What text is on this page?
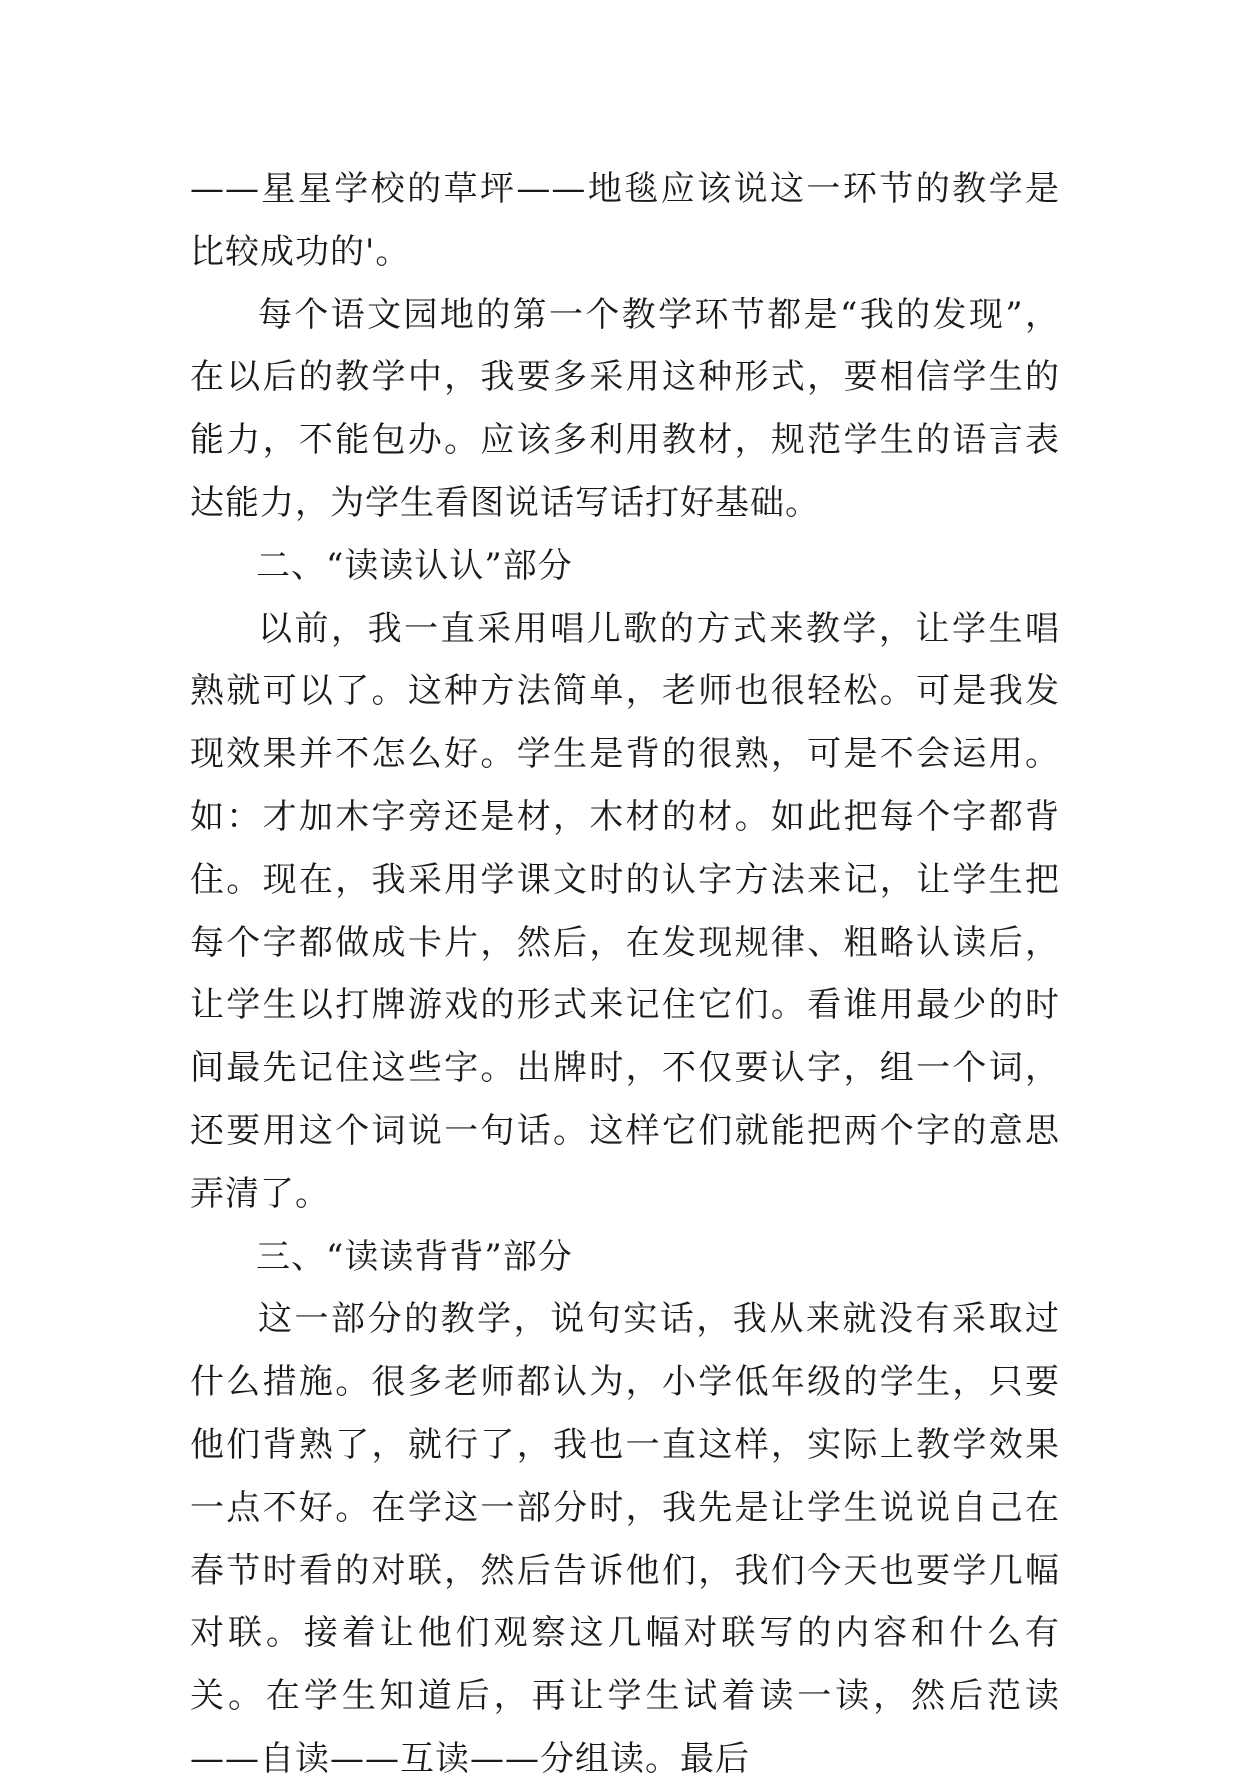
——星星学校的草坪——地毯应该说这一环节的教学是比较成功的'。

每个语文园地的第一个教学环节都是“我的发现”，在以后的教学中，我要多采用这种形式，要相信学生的能力，不能包办。应该多利用教材，规范学生的语言表达能力，为学生看图说话写话打好基础。

二、“读读认认”部分

以前，我一直采用唱儿歌的方式来教学，让学生唱熟就可以了。这种方法简单，老师也很轻松。可是我发现效果并不怎么好。学生是背的很熟，可是不会运用。如：才加木字旁还是材，木材的材。如此把每个字都背住。现在，我采用学课文时的认字方法来记，让学生把每个字都做成卡片，然后，在发现规律、粗略认读后，让学生以打牌游戏的形式来记住它们。看谁用最少的时间最先记住这些字。出牌时，不仅要认字，组一个词，还要用这个词说一句话。这样它们就能把两个字的意思弄清了。

三、“读读背背”部分

这一部分的教学，说句实话，我从来就没有采取过什么措施。很多老师都认为，小学低年级的学生，只要他们背熟了，就行了，我也一直这样，实际上教学效果一点不好。在学这一部分时，我先是让学生说说自己在春节时看的对联，然后告诉他们，我们今天也要学几幅对联。接着让他们观察这几幅对联写的内容和什么有关。在学生知道后，再让学生试着读一读，然后范读——自读——互读——分组读。最后
